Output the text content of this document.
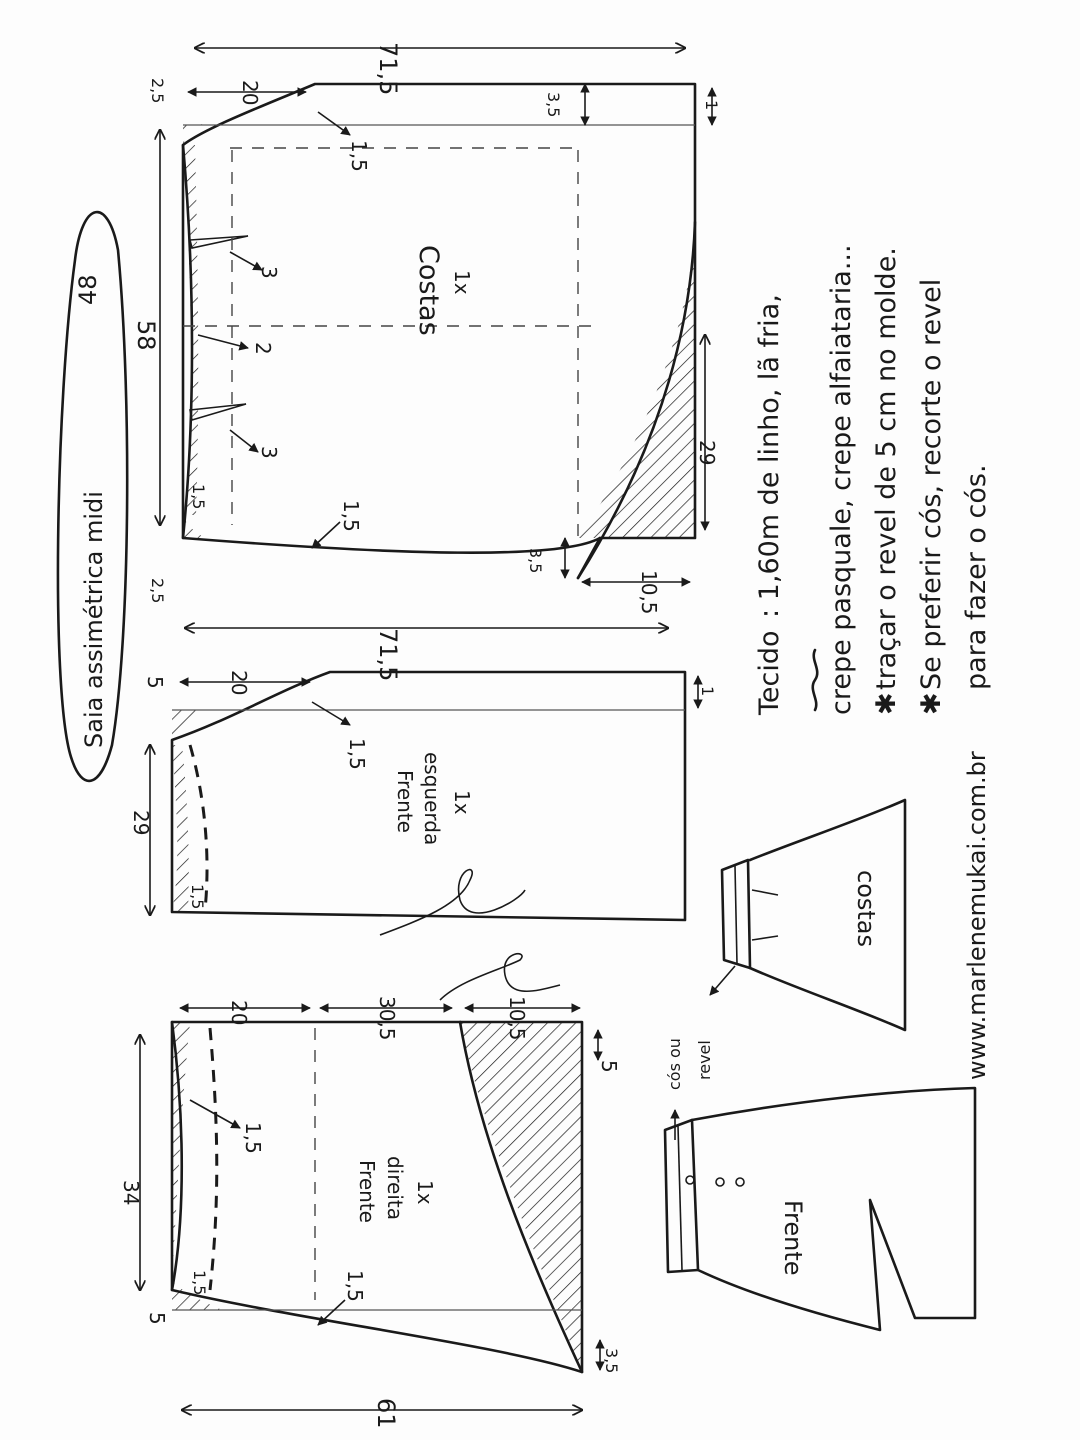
Saia assimétrica midi
48
71,5
58
20
2,5
2,5
1,5
1,5
3,5	1
3,5
10,5
3
2
3
1,5
29
Costas 1x
71,5
29
20
5
1,5
1
1,5
Frente esquerda 1x
20	30,5	10,5
34
61
5
5
1,5
1,5
3,5
1,5
Frente direita 1x
Tecido
: 1,60m de linho, lã fria, crepe pasquale, crepe alfaiataria... ✱
traçar o revel de 5 cm no molde.
✱
Se preferir cós, recorte o revel para fazer o cós.
costas
cós ou revel
Frente
www.marlenemukai.com.br
